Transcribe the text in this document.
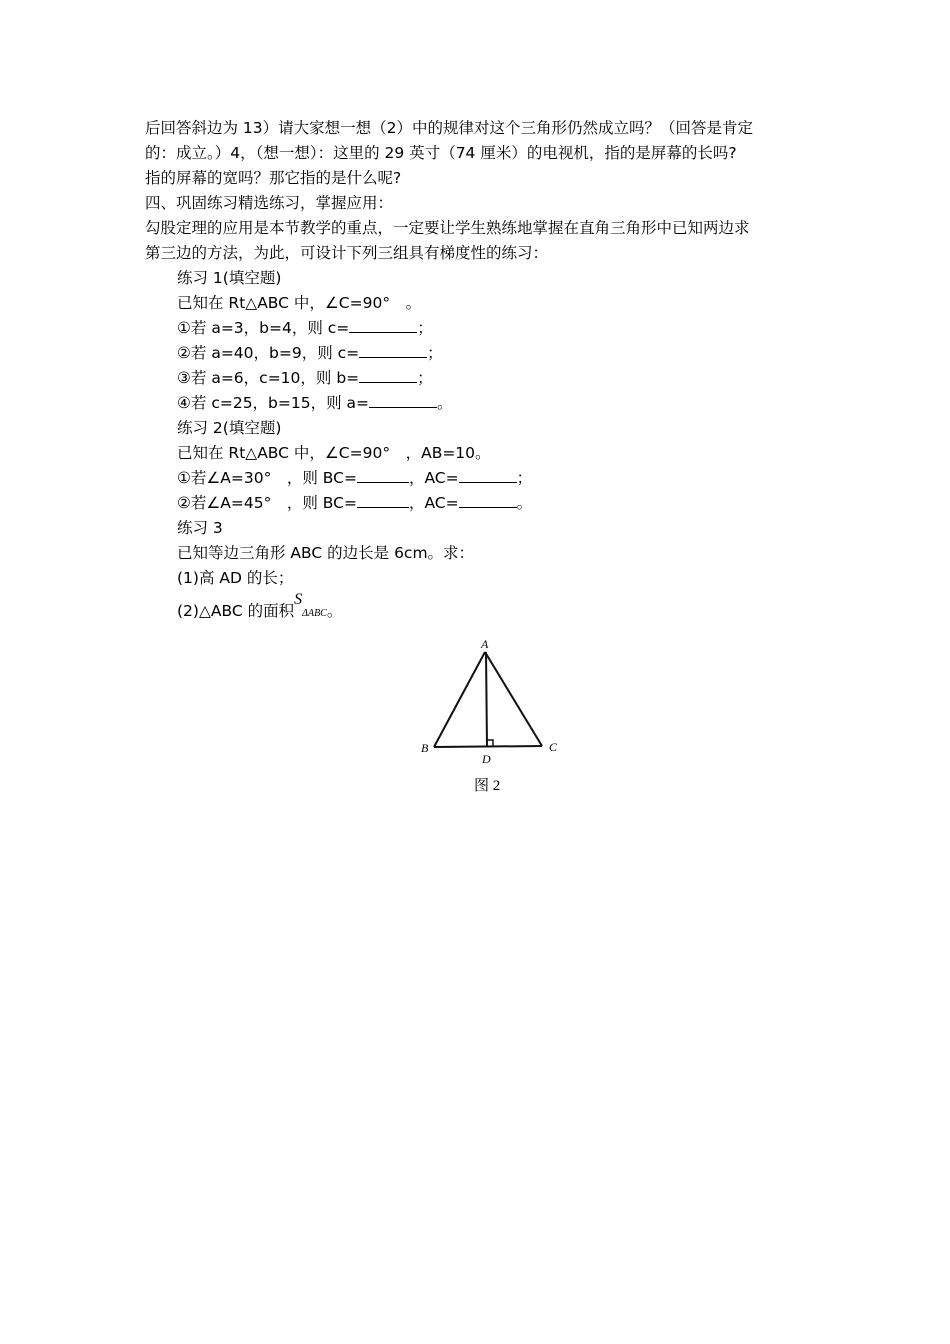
后回答斜边为 13）请大家想一想（2）中的规律对这个三角形仍然成立吗？（回答是肯定
的：成立。）4，（想一想）：这里的 29 英寸（74 厘米）的电视机，指的是屏幕的长吗?
指的屏幕的宽吗？那它指的是什么呢?
四、巩固练习精选练习，掌握应用：
勾股定理的应用是本节教学的重点，一定要让学生熟练地掌握在直角三角形中已知两边求
第三边的方法，为此，可设计下列三组具有梯度性的练习：
练习 1(填空题)
已知在 Rt△ABC 中，∠C=90°　。
①若 a=3，b=4，则 c=	；
②若 a=40，b=9，则 c=	；
③若 a=6，c=10，则 b=	；
④若 c=25，b=15，则 a=	。
练习 2(填空题)
已知在 Rt△ABC 中，∠C=90°　，AB=10。
①若∠A=30°　，则 BC=	，AC=	；
②若∠A=45°　，则 BC=	，AC=	。
练习 3
已知等边三角形 ABC 的边长是 6cm。求：
(1)高 AD 的长；
(2)△ABC 的面积SΔABC。
A
B	C
D
图 2
